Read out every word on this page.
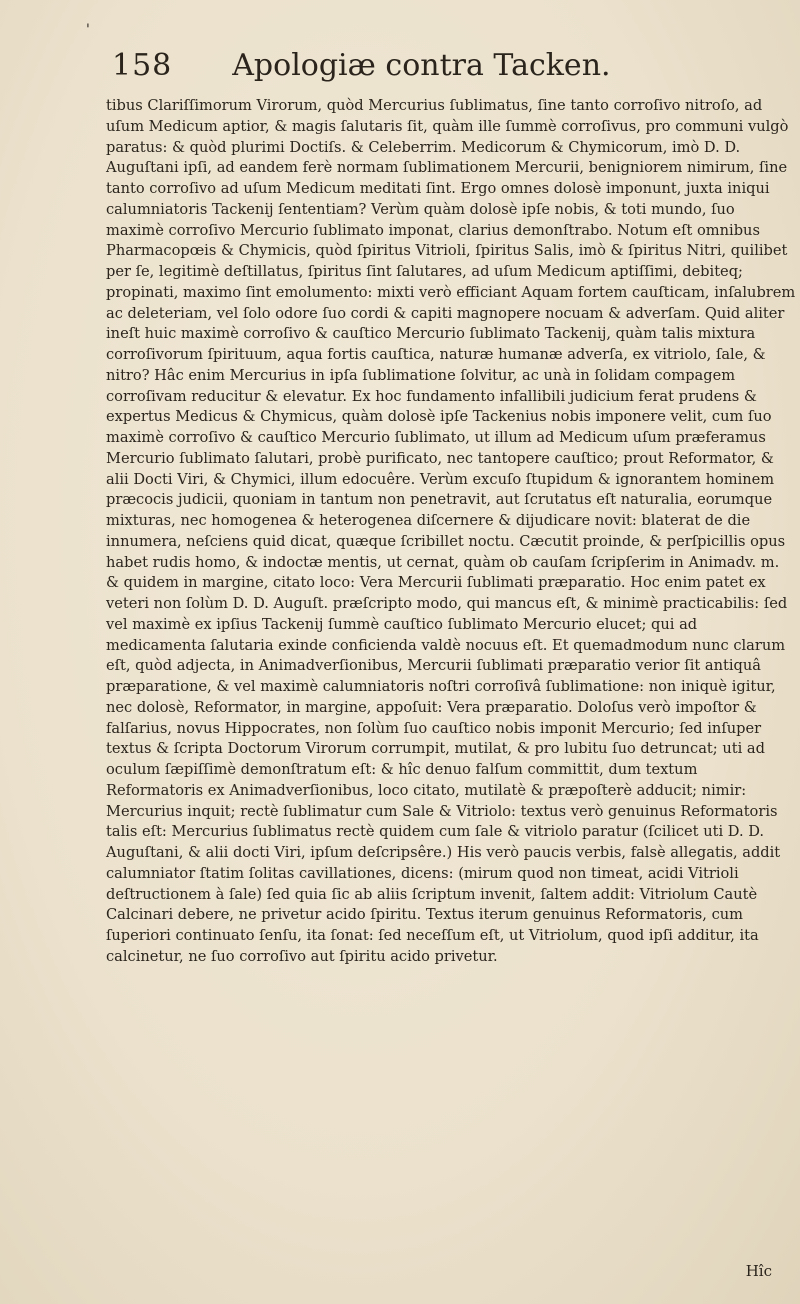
'
158 Apologiæ contra Tacken.

tibus Clariſſimorum Virorum, quòd Mercurius ſublimatus, ſine tanto corroſivo nitroſo, ad uſum Medicum aptior, & magis ſalutaris ſit, quàm ille ſummè corroſivus, pro communi vulgò paratus: & quòd plurimi Doctiſs. & Celeberrim. Medicorum & Chymicorum, imò D. D. Auguſtani ipſi, ad eandem ferè normam ſublimationem Mercurii, benigniorem nimirum, ſine tanto corroſivo ad uſum Medicum meditati ſint. Ergo omnes dolosè imponunt, juxta iniqui calumniatoris Tackenij ſententiam? Verùm quàm dolosè ipſe nobis, & toti mundo, ſuo maximè corroſivo Mercurio ſublimato imponat, clarius demonſtrabo. Notum eſt omnibus Pharmacopœis & Chymicis, quòd ſpiritus Vitrioli, ſpiritus Salis, imò & ſpiritus Nitri, quilibet per ſe, legitimè deſtillatus, ſpiritus ſint ſalutares, ad uſum Medicum aptiſſimi, debiteq; propinati, maximo ſint emolumento: mixti verò efficiant Aquam fortem cauſticam, inſalubrem ac deleteriam, vel ſolo odore ſuo cordi & capiti magnopere nocuam & adverſam. Quid aliter ineſt huic maximè corroſivo & cauſtico Mercurio ſublimato Tackenij, quàm talis mixtura corroſivorum ſpirituum, aqua fortis cauſtica, naturæ humanæ adverſa, ex vitriolo, ſale, & nitro? Hâc enim Mercurius in ipſa ſublimatione ſolvitur, ac unà in ſolidam compagem corroſivam reducitur & elevatur. Ex hoc fundamento infallibili judicium ferat prudens & expertus Medicus & Chymicus, quàm dolosè ipſe Tackenius nobis imponere velit, cum ſuo maximè corroſivo & cauſtico Mercurio ſublimato, ut illum ad Medicum uſum præferamus Mercurio ſublimato ſalutari, probè purificato, nec tantopere cauſtico; prout Reformator, & alii Docti Viri, & Chymici, illum edocuêre. Verùm excuſo ſtupidum & ignorantem hominem præcocis judicii, quoniam in tantum non penetravit, aut ſcrutatus eſt naturalia, eorumque mixturas, nec homogenea & heterogenea diſcernere & dijudicare novit: blaterat de die innumera, neſciens quid dicat, quæque ſcribillet noctu. Cæcutit proinde, & perſpicillis opus habet rudis homo, & indoctæ mentis, ut cernat, quàm ob cauſam ſcripſerim in Animadv. m. & quidem in margine, citato loco: Vera Mercurii ſublimati præparatio. Hoc enim patet ex veteri non ſolùm D. D. Auguſt. præſcripto modo, qui mancus eſt, & minimè practicabilis: ſed vel maximè ex ipſius Tackenij ſummè cauſtico ſublimato Mercurio elucet; qui ad medicamenta ſalutaria exinde conficienda valdè nocuus eſt. Et quemadmodum nunc clarum eſt, quòd adjecta, in Animadverſionibus, Mercurii ſublimati præparatio verior ſit antiquâ præparatione, & vel maximè calumniatoris noſtri corroſivâ ſublimatione: non iniquè igitur, nec dolosè, Reformator, in margine, appoſuit: Vera præparatio. Doloſus verò impoſtor & falſarius, novus Hippocrates, non ſolùm ſuo cauſtico nobis imponit Mercurio; ſed inſuper textus & ſcripta Doctorum Virorum corrumpit, mutilat, & pro lubitu ſuo detruncat; uti ad oculum ſæpiſſimè demonſtratum eſt: & hîc denuo falſum committit, dum textum Reformatoris ex Animadverſionibus, loco citato, mutilatè & præpoſterè adducit; nimir: Mercurius inquit; rectè ſublimatur cum Sale & Vitriolo: textus verò genuinus Reformatoris talis eſt: Mercurius ſublimatus rectè quidem cum ſale & vitriolo paratur (ſcilicet uti D. D. Auguſtani, & alii docti Viri, ipſum deſcripsêre.) His verò paucis verbis, falsè allegatis, addit calumniator ſtatim ſolitas cavillationes, dicens: (mirum quod non timeat, acidi Vitrioli deſtructionem à ſale) ſed quia ſic ab aliis ſcriptum invenit, ſaltem addit: Vitriolum Cautè Calcinari debere, ne privetur acido ſpiritu. Textus iterum genuinus Reformatoris, cum ſuperiori continuato ſenſu, ita ſonat: ſed neceſſum eſt, ut Vitriolum, quod ipſi additur, ita calcinetur, ne ſuo corroſivo aut ſpiritu acido privetur.

Hîc
